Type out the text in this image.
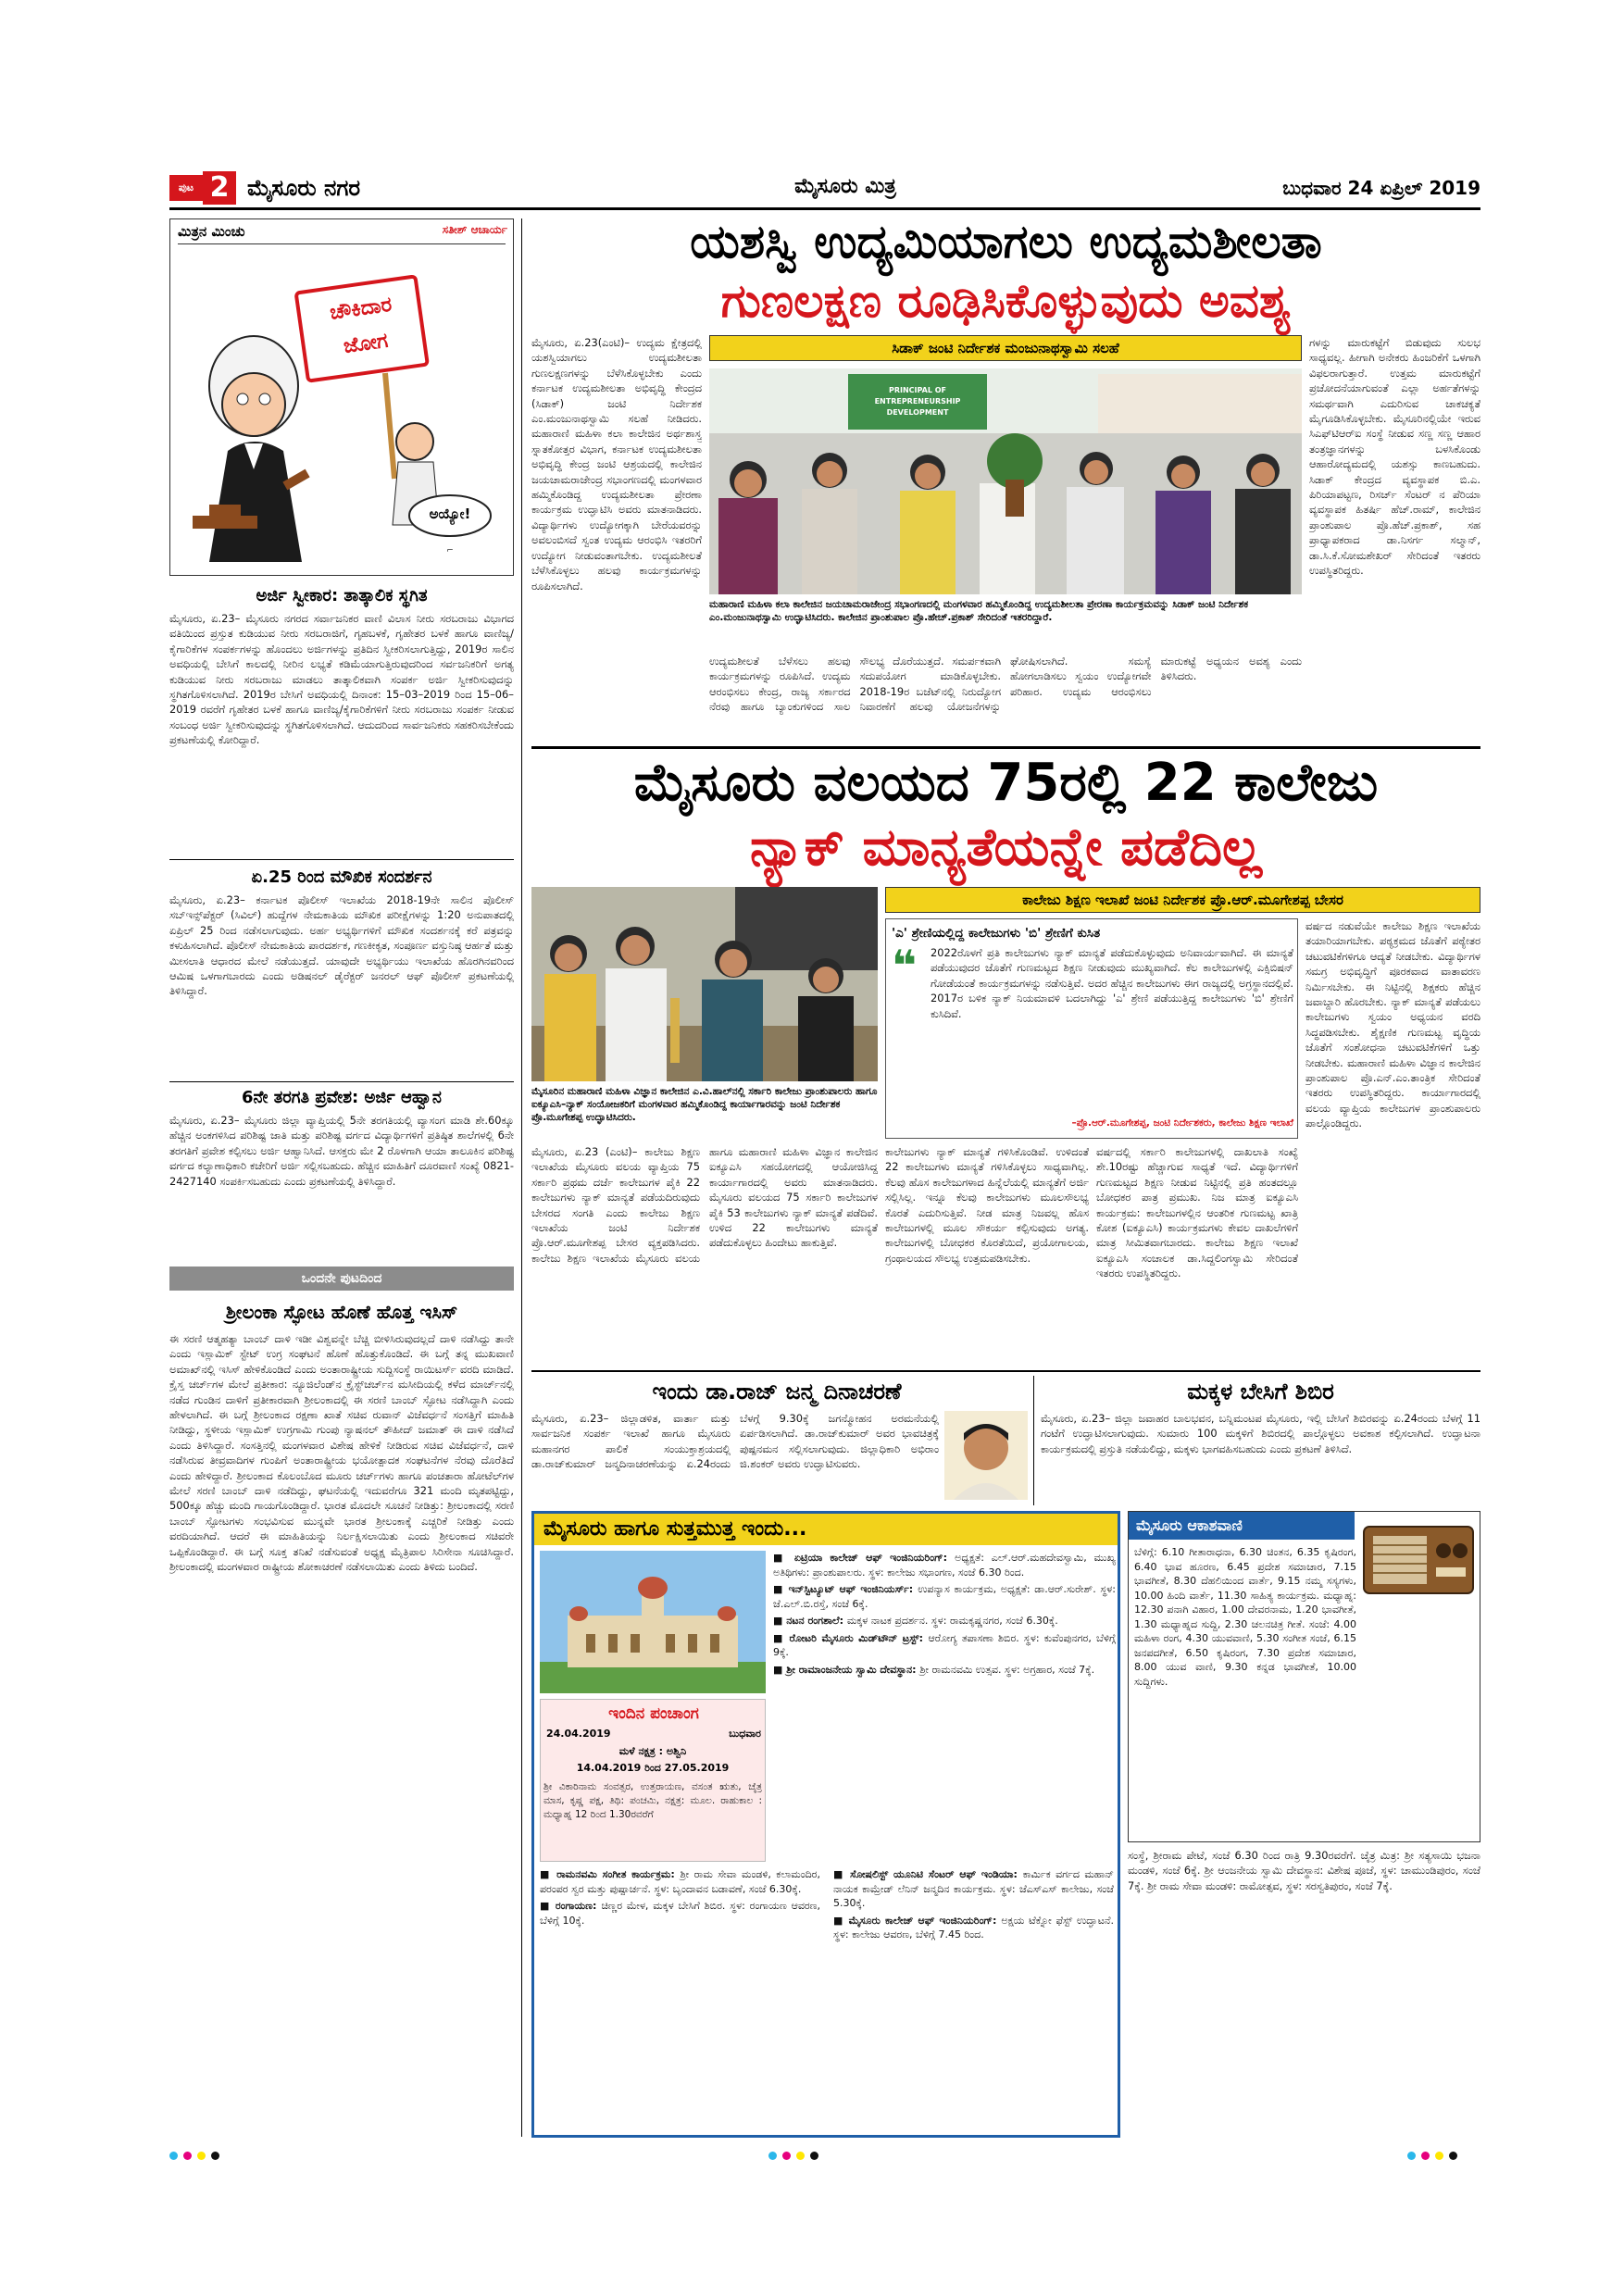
ಪುಟ 2 ಮೈಸೂರು ನಗರ	ಮೈಸೂರು ಮಿತ್ರ	ಬುಧವಾರ 24 ಏಪ್ರಿಲ್ 2019
ಮಿತ್ರನ ಮಿಂಚು	ಸತೀಶ್ ಆಚಾರ್ಯ
⌐
ಚೌಕಿದಾರ ಜೋಗ
ಅಯ್ಯೋ!
ಅರ್ಜಿ ಸ್ವೀಕಾರ: ತಾತ್ಕಾಲಿಕ ಸ್ಥಗಿತ
ಮೈಸೂರು, ಏ.23– ಮೈಸೂರು ನಗರದ ಸರ್ವಾಜನಿಕರ ವಾಣಿ ವಿಲಾಸ ನೀರು ಸರಬರಾಜು ವಿಭಾಗದ ವತಿಯಿಂದ ಪ್ರಸ್ತುತ ಕುಡಿಯುವ ನೀರು ಸರಬರಾಜಿಗೆ, ಗೃಹಬಳಕೆ, ಗೃಹೇತರ ಬಳಕೆ ಹಾಗೂ ವಾಣಿಜ್ಯ/ಕೈಗಾರಿಕೆಗಳ ಸಂಪರ್ಕಗಳನ್ನು ಹೊಂದಲು ಅರ್ಜಿಗಳನ್ನು ಪ್ರತಿದಿನ ಸ್ವೀಕರಿಸಲಾಗುತ್ತಿದ್ದು, 2019ರ ಸಾಲಿನ ಅವಧಿಯಲ್ಲಿ ಬೇಸಿಗೆ ಕಾಲದಲ್ಲಿ ನೀರಿನ ಲಭ್ಯತೆ ಕಡಿಮೆಯಾಗುತ್ತಿರುವುದರಿಂದ ಸರ್ವಜನಿಕರಿಗೆ ಅಗತ್ಯ ಕುಡಿಯುವ ನೀರು ಸರಬರಾಜು ಮಾಡಲು ತಾತ್ಕಾಲಿಕವಾಗಿ ಸಂಪರ್ಕ ಅರ್ಜಿ ಸ್ವೀಕರಿಸುವುದನ್ನು ಸ್ಥಗಿತಗೊಳಿಸಲಾಗಿದೆ. 2019ರ ಬೇಸಿಗೆ ಅವಧಿಯಲ್ಲಿ ದಿನಾಂಕ: 15–03–2019 ರಿಂದ 15–06–2019 ರವರೆಗೆ ಗೃಹೇತರ ಬಳಕೆ ಹಾಗೂ ವಾಣಿಜ್ಯ/ಕೈಗಾರಿಕೆಗಳಿಗೆ ನೀರು ಸರಬರಾಜು ಸಂಪರ್ಕ ನೀಡುವ ಸಂಬಂಧ ಅರ್ಜಿ ಸ್ವೀಕರಿಸುವುದನ್ನು ಸ್ಥಗಿತಗೊಳಿಸಲಾಗಿದೆ. ಆದುದರಿಂದ ಸಾರ್ವಜನಿಕರು ಸಹಕರಿಸಬೇಕೆಂದು ಪ್ರಕಟಣೆಯಲ್ಲಿ ಕೋರಿದ್ದಾರೆ.
ಏ.25 ರಿಂದ ಮೌಖಿಕ ಸಂದರ್ಶನ
ಮೈಸೂರು, ಏ.23– ಕರ್ನಾಟಕ ಪೊಲೀಸ್ ಇಲಾಖೆಯ 2018-19ನೇ ಸಾಲಿನ ಪೊಲೀಸ್ ಸಬ್‌ಇನ್ಸ್‌ಪೆಕ್ಟರ್ (ಸಿವಿಲ್) ಹುದ್ದೆಗಳ ನೇಮಕಾತಿಯ ಮೌಖಿಕ ಪರೀಕ್ಷೆಗಳನ್ನು 1:20 ಅನುಪಾತದಲ್ಲಿ ಏಪ್ರಿಲ್ 25 ರಿಂದ ನಡೆಸಲಾಗುವುದು. ಅರ್ಹ ಅಭ್ಯರ್ಥಿಗಳಿಗೆ ಮೌಖಿಕ ಸಂದರ್ಶನಕ್ಕೆ ಕರೆ ಪತ್ರವನ್ನು ಕಳುಹಿಸಲಾಗಿದೆ. ಪೊಲೀಸ್ ನೇಮಕಾತಿಯ ಪಾರದರ್ಶಕ, ಗಣಕೀಕೃತ, ಸಂಪೂರ್ಣ ವಸ್ತುನಿಷ್ಠ ಆರ್ಹತೆ ಮತ್ತು ಮೀಸಲಾತಿ ಆಧಾರದ ಮೇಲೆ ನಡೆಯುತ್ತದೆ. ಯಾವುದೇ ಅಭ್ಯರ್ಥಿಯು ಇಲಾಖೆಯ ಹೊರಗಿನವರಿಂದ ಆಮಿಷ ಒಳಗಾಗಬಾರದು ಎಂದು ಅಡಿಷನಲ್ ಡೈರೆಕ್ಟರ್ ಜನರಲ್ ಆಫ್ ಪೊಲೀಸ್ ಪ್ರಕಟಣೆಯಲ್ಲಿ ತಿಳಿಸಿದ್ದಾರೆ.
6ನೇ ತರಗತಿ ಪ್ರವೇಶ: ಅರ್ಜಿ ಆಹ್ವಾನ
ಮೈಸೂರು, ಏ.23– ಮೈಸೂರು ಜಿಲ್ಲಾ ವ್ಯಾಪ್ತಿಯಲ್ಲಿ 5ನೇ ತರಗತಿಯಲ್ಲಿ ವ್ಯಾಸಂಗ ಮಾಡಿ ಶೇ.60ಕ್ಕೂ ಹೆಚ್ಚಿನ ಅಂಕಗಳಿಸಿದ ಪರಿಶಿಷ್ಟ ಜಾತಿ ಮತ್ತು ಪರಿಶಿಷ್ಟ ವರ್ಗದ ವಿದ್ಯಾರ್ಥಿಗಳಿಗೆ ಪ್ರತಿಷ್ಠಿತ ಶಾಲೆಗಳಲ್ಲಿ 6ನೇ ತರಗತಿಗೆ ಪ್ರವೇಶ ಕಲ್ಪಿಸಲು ಅರ್ಜಿ ಆಹ್ವಾನಿಸಿದೆ. ಆಸಕ್ತರು ಮೇ 2 ರೊಳಗಾಗಿ ಆಯಾ ತಾಲೂಕಿನ ಪರಿಶಿಷ್ಟ ವರ್ಗದ ಕಲ್ಯಾಣಾಧಿಕಾರಿ ಕಚೇರಿಗೆ ಅರ್ಜಿ ಸಲ್ಲಿಸಬಹುದು. ಹೆಚ್ಚಿನ ಮಾಹಿತಿಗೆ ದೂರವಾಣಿ ಸಂಖ್ಯೆ 0821-2427140 ಸಂಪರ್ಕಿಸಬಹುದು ಎಂದು ಪ್ರಕಟಣೆಯಲ್ಲಿ ತಿಳಿಸಿದ್ದಾರೆ.
ಒಂದನೇ ಪುಟದಿಂದ
ಶ್ರೀಲಂಕಾ ಸ್ಫೋಟ ಹೊಣೆ ಹೊತ್ತ ಇಸಿಸ್
ಈ ಸರಣಿ ಆತ್ಮಹತ್ಯಾ ಬಾಂಬ್ ದಾಳಿ ಇಡೀ ವಿಶ್ವವನ್ನೇ ಬೆಚ್ಚಿ ಬೀಳಿಸಿರುವುದಲ್ಲದೆ ದಾಳಿ ನಡೆಸಿದ್ದು ತಾನೇ ಎಂದು ಇಸ್ಲಾಮಿಕ್ ಸ್ಟೇಟ್ ಉಗ್ರ ಸಂಘಟನೆ ಹೊಣೆ ಹೊತ್ತುಕೊಂಡಿದೆ. ಈ ಬಗ್ಗೆ ತನ್ನ ಮುಖವಾಣಿ ಅಮಾಖ್‌ನಲ್ಲಿ ಇಸಿಸ್ ಹೇಳಿಕೊಂಡಿದೆ ಎಂದು ಅಂತಾರಾಷ್ಟ್ರೀಯ ಸುದ್ದಿಸಂಸ್ಥೆ ರಾಯಿಟರ್ಸ್ ವರದಿ ಮಾಡಿದೆ. ಕ್ರೈಸ್ತ ಚರ್ಚ್‌ಗಳ ಮೇಲೆ ಪ್ರತೀಕಾರ: ನ್ಯೂಜಿಲೆಂಡ್‌ನ ಕ್ರೈಸ್ಟ್‌ಚರ್ಚ್‌ನ ಮಸೀದಿಯಲ್ಲಿ ಕಳೆದ ಮಾರ್ಚ್‌ನಲ್ಲಿ ನಡೆದ ಗುಂಡಿನ ದಾಳಿಗೆ ಪ್ರತೀಕಾರವಾಗಿ ಶ್ರೀಲಂಕಾದಲ್ಲಿ ಈ ಸರಣಿ ಬಾಂಬ್ ಸ್ಫೋಟ ನಡೆಸಿದ್ದಾಗಿ ಎಂದು ಹೇಳಲಾಗಿದೆ. ಈ ಬಗ್ಗೆ ಶ್ರೀಲಂಕಾದ ರಕ್ಷಣಾ ಖಾತೆ ಸಚಿವ ರುವಾನ್ ವಿಜೆವರ್ಧನೆ ಸಂಸತ್ತಿಗೆ ಮಾಹಿತಿ ನೀಡಿದ್ದು, ಸ್ಥಳೀಯ ಇಸ್ಲಾಮಿಕ್ ಉಗ್ರಗಾಮಿ ಗುಂಪು ನ್ಯಾಷನಲ್ ತೌಹೀದ್ ಜಮಾತ್ ಈ ದಾಳಿ ನಡೆಸಿದೆ ಎಂದು ತಿಳಿಸಿದ್ದಾರೆ. ಸಂಸತ್ತಿನಲ್ಲಿ ಮಂಗಳವಾರ ವಿಶೇಷ ಹೇಳಿಕೆ ನೀಡಿರುವ ಸಚಿವ ವಿಜೆವರ್ಧನೆ, ದಾಳಿ ನಡೆಸಿರುವ ತೀವ್ರವಾದಿಗಳ ಗುಂಪಿಗೆ ಅಂತಾರಾಷ್ಟ್ರೀಯ ಭಯೋತ್ಪಾದಕ ಸಂಘಟನೆಗಳ ನೆರವು ದೊರೆತಿದೆ ಎಂದು ಹೇಳಿದ್ದಾರೆ. ಶ್ರೀಲಂಕಾದ ಕೊಲಂಬೊದ ಮೂರು ಚರ್ಚ್‌ಗಳು ಹಾಗೂ ಪಂಚತಾರಾ ಹೋಟೆಲ್‌ಗಳ ಮೇಲೆ ಸರಣಿ ಬಾಂಬ್ ದಾಳಿ ನಡೆದಿದ್ದು, ಘಟನೆಯಲ್ಲಿ ಇದುವರೆಗೂ 321 ಮಂದಿ ಮೃತಪಟ್ಟಿದ್ದು, 500ಕ್ಕೂ ಹೆಚ್ಚು ಮಂದಿ ಗಾಯಗೊಂಡಿದ್ದಾರೆ. ಭಾರತ ಮೊದಲೇ ಸೂಚನೆ ನೀಡಿತ್ತು: ಶ್ರೀಲಂಕಾದಲ್ಲಿ ಸರಣಿ ಬಾಂಬ್ ಸ್ಫೋಟಗಳು ಸಂಭವಿಸುವ ಮುನ್ನವೇ ಭಾರತ ಶ್ರೀಲಂಕಾಕ್ಕೆ ಎಚ್ಚರಿಕೆ ನೀಡಿತ್ತು ಎಂದು ವರದಿಯಾಗಿದೆ. ಆದರೆ ಈ ಮಾಹಿತಿಯನ್ನು ನಿರ್ಲಕ್ಷಿಸಲಾಯಿತು ಎಂದು ಶ್ರೀಲಂಕಾದ ಸಚಿವರೇ ಒಪ್ಪಿಕೊಂಡಿದ್ದಾರೆ. ಈ ಬಗ್ಗೆ ಸೂಕ್ತ ತನಿಖೆ ನಡೆಸುವಂತೆ ಅಧ್ಯಕ್ಷ ಮೈತ್ರಿಪಾಲ ಸಿರಿಸೇನಾ ಸೂಚಿಸಿದ್ದಾರೆ. ಶ್ರೀಲಂಕಾದಲ್ಲಿ ಮಂಗಳವಾರ ರಾಷ್ಟ್ರೀಯ ಶೋಕಾಚರಣೆ ನಡೆಸಲಾಯಿತು ಎಂದು ತಿಳಿದು ಬಂದಿದೆ.
ಯಶಸ್ವಿ ಉದ್ಯಮಿಯಾಗಲು ಉದ್ಯಮಶೀಲತಾ
ಗುಣಲಕ್ಷಣ ರೂಢಿಸಿಕೊಳ್ಳುವುದು ಅವಶ್ಯ
ಮೈಸೂರು, ಏ.23(ಎಂಟಿ)– ಉದ್ಯಮ ಕ್ಷೇತ್ರದಲ್ಲಿ ಯಶಸ್ವಿಯಾಗಲು ಉದ್ಯಮಶೀಲತಾ ಗುಣಲಕ್ಷಣಗಳನ್ನು ಬೆಳೆಸಿಕೊಳ್ಳಬೇಕು ಎಂದು ಕರ್ನಾಟಕ ಉದ್ಯಮಶೀಲತಾ ಅಭಿವೃದ್ಧಿ ಕೇಂದ್ರದ (ಸಿಡಾಕ್) ಜಂಟಿ ನಿರ್ದೇಶಕ ಎಂ.ಮಂಜುನಾಥಸ್ವಾಮಿ ಸಲಹೆ ನೀಡಿದರು. ಮಹಾರಾಣಿ ಮಹಿಳಾ ಕಲಾ ಕಾಲೇಜಿನ ಅರ್ಥಶಾಸ್ತ್ರ ಸ್ನಾತಕೋತ್ತರ ವಿಭಾಗ, ಕರ್ನಾಟಕ ಉದ್ಯಮಶೀಲತಾ ಅಭಿವೃದ್ಧಿ ಕೇಂದ್ರ ಜಂಟಿ ಆಶ್ರಯದಲ್ಲಿ ಕಾಲೇಜಿನ ಜಯಚಾಮರಾಜೇಂದ್ರ ಸಭಾಂಗಣದಲ್ಲಿ ಮಂಗಳವಾರ ಹಮ್ಮಿಕೊಂಡಿದ್ದ ಉದ್ಯಮಶೀಲತಾ ಪ್ರೇರಣಾ ಕಾರ್ಯಕ್ರಮ ಉದ್ಘಾಟಿಸಿ ಅವರು ಮಾತನಾಡಿದರು. ವಿದ್ಯಾರ್ಥಿಗಳು ಉದ್ಯೋಗಕ್ಕಾಗಿ ಬೇರೆಯವರನ್ನು ಅವಲಂಬಿಸದೆ ಸ್ವಂತ ಉದ್ಯಮ ಆರಂಭಿಸಿ ಇತರರಿಗೆ ಉದ್ಯೋಗ ನೀಡುವಂತಾಗಬೇಕು. ಉದ್ಯಮಶೀಲತೆ ಬೆಳೆಸಿಕೊಳ್ಳಲು ಹಲವು ಕಾರ್ಯಕ್ರಮಗಳನ್ನು ರೂಪಿಸಲಾಗಿದೆ.
ಸಿಡಾಕ್ ಜಂಟಿ ನಿರ್ದೇಶಕ ಮಂಜುನಾಥಸ್ವಾಮಿ ಸಲಹೆ
PRINCIPAL OF ENTREPRENEURSHIP DEVELOPMENT
ಮಹಾರಾಣಿ ಮಹಿಳಾ ಕಲಾ ಕಾಲೇಜಿನ ಜಯಚಾಮರಾಜೇಂದ್ರ ಸಭಾಂಗಣದಲ್ಲಿ ಮಂಗಳವಾರ ಹಮ್ಮಿಕೊಂಡಿದ್ದ ಉದ್ಯಮಶೀಲತಾ ಪ್ರೇರಣಾ ಕಾರ್ಯಕ್ರಮವನ್ನು ಸಿಡಾಕ್ ಜಂಟಿ ನಿರ್ದೇಶಕ ಎಂ.ಮಂಜುನಾಥಸ್ವಾಮಿ ಉದ್ಘಾಟಿಸಿದರು. ಕಾಲೇಜಿನ ಪ್ರಾಂಶುಪಾಲ ಪ್ರೊ.ಹೇಚ್.ಪ್ರಕಾಶ್ ಸೇರಿದಂತೆ ಇತರರಿದ್ದಾರೆ.
ಉದ್ಯಮಶೀಲತೆ ಬೆಳೆಸಲು ಹಲವು ಕಾರ್ಯಕ್ರಮಗಳನ್ನು ರೂಪಿಸಿದೆ. ಉದ್ಯಮ ಆರಂಭಿಸಲು ಕೇಂದ್ರ, ರಾಜ್ಯ ಸರ್ಕಾರದ ನೆರವು ಹಾಗೂ ಬ್ಯಾಂಕುಗಳಿಂದ ಸಾಲ ಸೌಲಭ್ಯ ದೊರೆಯುತ್ತದೆ. ಸಮರ್ಪಕವಾಗಿ ಸದುಪಯೋಗ ಮಾಡಿಕೊಳ್ಳಬೇಕು. 2018-19ರ ಬಜೆಟ್‌ನಲ್ಲಿ ನಿರುದ್ಯೋಗ ನಿವಾರಣೆಗೆ ಹಲವು ಯೋಜನೆಗಳನ್ನು ಘೋಷಿಸಲಾಗಿದೆ. ಸಮಸ್ಯೆ ಹೋಗಲಾಡಿಸಲು ಸ್ವಯಂ ಉದ್ಯೋಗವೇ ಪರಿಹಾರ. ಉದ್ಯಮ ಆರಂಭಿಸಲು ಮಾರುಕಟ್ಟೆ ಅಧ್ಯಯನ ಅವಶ್ಯ ಎಂದು ತಿಳಿಸಿದರು.
ಗಳನ್ನು ಮಾರುಕಟ್ಟೆಗೆ ಬಿಡುವುದು ಸುಲಭ ಸಾಧ್ಯವಲ್ಲ. ಹೀಗಾಗಿ ಅನೇಕರು ಹಿಂಜರಿಕೆಗೆ ಒಳಗಾಗಿ ವಿಫಲರಾಗುತ್ತಾರೆ. ಉತ್ತಮ ಮಾರುಕಟ್ಟೆಗೆ ಪ್ರಚೋದನೆಯಾಗುವಂತೆ ಎಲ್ಲಾ ಅರ್ಹತೆಗಳನ್ನು ಸಮರ್ಥವಾಗಿ ಎದುರಿಸುವ ಚಾಕಚಕ್ಯತೆ ಮೈಗೂಡಿಸಿಕೊಳ್ಳಬೇಕು. ಮೈಸೂರಿನಲ್ಲಿಯೇ ಇರುವ ಸಿಎಫ್‌ಟಿಆರ್‌ಐ ಸಂಸ್ಥೆ ನೀಡುವ ಸಣ್ಣ ಸಣ್ಣ ಆಹಾರ ತಂತ್ರಜ್ಞಾನಗಳನ್ನು ಬಳಸಿಕೊಂಡು ಆಹಾರೋದ್ಯಮದಲ್ಲಿ ಯಶಸ್ಸು ಕಾಣಬಹುದು. ಸಿಡಾಕ್ ಕೇಂದ್ರದ ವ್ಯವಸ್ಥಾಪಕ ಬಿ.ಎ. ಪಿರಿಯಾಪಟ್ಟಣ, ರಿಸರ್ಚ್ ಸೆಂಟರ್ ನ ಪೆರಿಯಾ ವ್ಯವಸ್ಥಾಪಕ ಹಿತರ್ಷಿ ಹೆಚ್.ರಾಮ್, ಕಾಲೇಜಿನ ಪ್ರಾಂಶುಪಾಲ ಪ್ರೊ.ಹೆಚ್.ಪ್ರಕಾಶ್, ಸಹ ಪ್ರಾಧ್ಯಾಪಕರಾದ ಡಾ.ನಿಸರ್ಗ ಸಲ್ಮಾನ್, ಡಾ.ಸಿ.ಕೆ.ಸೋಮಶೇಖರ್ ಸೇರಿದಂತೆ ಇತರರು ಉಪಸ್ಥಿತರಿದ್ದರು.
ಮೈಸೂರು ವಲಯದ 75ರಲ್ಲಿ 22 ಕಾಲೇಜು
ನ್ಯಾಕ್ ಮಾನ್ಯತೆಯನ್ನೇ ಪಡೆದಿಲ್ಲ
ಮೈಸೂರಿನ ಮಹಾರಾಣಿ ಮಹಿಳಾ ವಿಜ್ಞಾನ ಕಾಲೇಜಿನ ಎ.ವಿ.ಹಾಲ್‌ನಲ್ಲಿ ಸರ್ಕಾರಿ ಕಾಲೇಜು ಪ್ರಾಂಶುಪಾಲರು ಹಾಗೂ ಐಕ್ಯೂಎಸಿ–ನ್ಯಾಕ್ ಸಂಯೋಜಕರಿಗೆ ಮಂಗಳವಾರ ಹಮ್ಮಿಕೊಂಡಿದ್ದ ಕಾರ್ಯಾಗಾರವನ್ನು ಜಂಟಿ ನಿರ್ದೇಶಕ ಪ್ರೊ.ಮೂಗೇಶಪ್ಪ ಉದ್ಘಾಟಿಸಿದರು.
ಕಾಲೇಜು ಶಿಕ್ಷಣ ಇಲಾಖೆ ಜಂಟಿ ನಿರ್ದೇಶಕ ಪ್ರೊ.ಆರ್.ಮೂಗೇಶಪ್ಪ ಬೇಸರ
'ಎ' ಶ್ರೇಣಿಯಲ್ಲಿದ್ದ ಕಾಲೇಜುಗಳು 'ಬಿ' ಶ್ರೇಣಿಗೆ ಕುಸಿತ
❝	2022ರೊಳಗೆ ಪ್ರತಿ ಕಾಲೇಜುಗಳು ನ್ಯಾಕ್ ಮಾನ್ಯತೆ ಪಡೆದುಕೊಳ್ಳುವುದು ಅನಿವಾರ್ಯವಾಗಿದೆ. ಈ ಮಾನ್ಯತೆ ಪಡೆಯುವುದರ ಜೊತೆಗೆ ಗುಣಮಟ್ಟದ ಶಿಕ್ಷಣ ನೀಡುವುದು ಮುಖ್ಯವಾಗಿದೆ. ಕೆಲ ಕಾಲೇಜುಗಳಲ್ಲಿ ಎಕ್ಸಿಬಿಷನ್ ಗೋಡೆಯಂತೆ ಕಾರ್ಯಕ್ರಮಗಳನ್ನು ನಡೆಸುತ್ತಿವೆ. ಅದರ ಹೆಚ್ಚಿನ ಕಾಲೇಜುಗಳು ಈಗ ರಾಜ್ಯದಲ್ಲಿ ಅಗ್ರಸ್ಥಾನದಲ್ಲಿವೆ. 2017ರ ಬಳಿಕ ನ್ಯಾಕ್ ನಿಯಮಾವಳಿ ಬದಲಾಗಿದ್ದು 'ಎ' ಶ್ರೇಣಿ ಪಡೆಯುತ್ತಿದ್ದ ಕಾಲೇಜುಗಳು 'ಬಿ' ಶ್ರೇಣಿಗೆ ಕುಸಿದಿವೆ.
–ಪ್ರೊ.ಆರ್.ಮೂಗೇಶಪ್ಪ, ಜಂಟಿ ನಿರ್ದೇಶಕರು, ಕಾಲೇಜು ಶಿಕ್ಷಣ ಇಲಾಖೆ
ವರ್ಷದ ನಡುವೆಯೇ ಕಾಲೇಜು ಶಿಕ್ಷಣ ಇಲಾಖೆಯ ತಯಾರಿಯಾಗಬೇಕು. ಪಠ್ಯಕ್ರಮದ ಜೊತೆಗೆ ಪಠ್ಯೇತರ ಚಟುವಟಿಕೆಗಳಿಗೂ ಆದ್ಯತೆ ನೀಡಬೇಕು. ವಿದ್ಯಾರ್ಥಿಗಳ ಸಮಗ್ರ ಅಭಿವೃದ್ಧಿಗೆ ಪೂರಕವಾದ ವಾತಾವರಣ ನಿರ್ಮಿಸಬೇಕು. ಈ ನಿಟ್ಟಿನಲ್ಲಿ ಶಿಕ್ಷಕರು ಹೆಚ್ಚಿನ ಜವಾಬ್ದಾರಿ ಹೊರಬೇಕು. ನ್ಯಾಕ್ ಮಾನ್ಯತೆ ಪಡೆಯಲು ಕಾಲೇಜುಗಳು ಸ್ವಯಂ ಅಧ್ಯಯನ ವರದಿ ಸಿದ್ಧಪಡಿಸಬೇಕು. ಶೈಕ್ಷಣಿಕ ಗುಣಮಟ್ಟ ವೃದ್ಧಿಯ ಜೊತೆಗೆ ಸಂಶೋಧನಾ ಚಟುವಟಿಕೆಗಳಿಗೆ ಒತ್ತು ನೀಡಬೇಕು. ಮಹಾರಾಣಿ ಮಹಿಳಾ ವಿಜ್ಞಾನ ಕಾಲೇಜಿನ ಪ್ರಾಂಶುಪಾಲ ಪ್ರೊ.ಎನ್.ಎಂ.ತಾಂತ್ರಿಕ ಸೇರಿದಂತೆ ಇತರರು ಉಪಸ್ಥಿತರಿದ್ದರು. ಕಾರ್ಯಾಗಾರದಲ್ಲಿ ವಲಯ ವ್ಯಾಪ್ತಿಯ ಕಾಲೇಜುಗಳ ಪ್ರಾಂಶುಪಾಲರು ಪಾಲ್ಗೊಂಡಿದ್ದರು.
ಮೈಸೂರು, ಏ.23 (ಎಂಟಿ)– ಕಾಲೇಜು ಶಿಕ್ಷಣ ಇಲಾಖೆಯ ಮೈಸೂರು ವಲಯ ವ್ಯಾಪ್ತಿಯ 75 ಸರ್ಕಾರಿ ಪ್ರಥಮ ದರ್ಜೆ ಕಾಲೇಜುಗಳ ಪೈಕಿ 22 ಕಾಲೇಜುಗಳು ನ್ಯಾಕ್ ಮಾನ್ಯತೆ ಪಡೆಯದಿರುವುದು ಬೇಸರದ ಸಂಗತಿ ಎಂದು ಕಾಲೇಜು ಶಿಕ್ಷಣ ಇಲಾಖೆಯ ಜಂಟಿ ನಿರ್ದೇಶಕ ಪ್ರೊ.ಆರ್.ಮೂಗೇಶಪ್ಪ ಬೇಸರ ವ್ಯಕ್ತಪಡಿಸಿದರು. ಕಾಲೇಜು ಶಿಕ್ಷಣ ಇಲಾಖೆಯ ಮೈಸೂರು ವಲಯ ಹಾಗೂ ಮಹಾರಾಣಿ ಮಹಿಳಾ ವಿಜ್ಞಾನ ಕಾಲೇಜಿನ ಐಕ್ಯೂಎಸಿ ಸಹಯೋಗದಲ್ಲಿ ಆಯೋಜಿಸಿದ್ದ ಕಾರ್ಯಾಗಾರದಲ್ಲಿ ಅವರು ಮಾತನಾಡಿದರು. ಮೈಸೂರು ವಲಯದ 75 ಸರ್ಕಾರಿ ಕಾಲೇಜುಗಳ ಪೈಕಿ 53 ಕಾಲೇಜುಗಳು ನ್ಯಾಕ್ ಮಾನ್ಯತೆ ಪಡೆದಿವೆ. ಉಳಿದ 22 ಕಾಲೇಜುಗಳು ಮಾನ್ಯತೆ ಪಡೆದುಕೊಳ್ಳಲು ಹಿಂದೇಟು ಹಾಕುತ್ತಿವೆ.
ಕಾಲೇಜುಗಳು ನ್ಯಾಕ್ ಮಾನ್ಯತೆ ಗಳಿಸಿಕೊಂಡಿವೆ. ಉಳಿದಂತೆ 22 ಕಾಲೇಜುಗಳು ಮಾನ್ಯತೆ ಗಳಿಸಿಕೊಳ್ಳಲು ಸಾಧ್ಯವಾಗಿಲ್ಲ. ಕೆಲವು ಹೊಸ ಕಾಲೇಜುಗಳಾದ ಹಿನ್ನೆಲೆಯಲ್ಲಿ ಮಾನ್ಯತೆಗೆ ಅರ್ಜಿ ಸಲ್ಲಿಸಿಲ್ಲ. ಇನ್ನೂ ಕೆಲವು ಕಾಲೇಜುಗಳು ಮೂಲಸೌಲಭ್ಯ ಕೊರತೆ ಎದುರಿಸುತ್ತಿವೆ. ನೀಡ ಮಾತ್ರ ನಿಜವಲ್ಲ ಹೊಸ ಕಾಲೇಜುಗಳಲ್ಲಿ ಮೂಲ ಸೌಕರ್ಯ ಕಲ್ಪಿಸುವುದು ಅಗತ್ಯ. ಕಾಲೇಜುಗಳಲ್ಲಿ ಬೋಧಕರ ಕೊರತೆಯಿದೆ, ಪ್ರಯೋಗಾಲಯ, ಗ್ರಂಥಾಲಯದ ಸೌಲಭ್ಯ ಉತ್ತಮಪಡಿಸಬೇಕು.
ವರ್ಷದಲ್ಲಿ ಸರ್ಕಾರಿ ಕಾಲೇಜುಗಳಲ್ಲಿ ದಾಖಲಾತಿ ಸಂಖ್ಯೆ ಶೇ.10ರಷ್ಟು ಹೆಚ್ಚಾಗುವ ಸಾಧ್ಯತೆ ಇದೆ. ವಿದ್ಯಾರ್ಥಿಗಳಿಗೆ ಗುಣಮಟ್ಟದ ಶಿಕ್ಷಣ ನೀಡುವ ನಿಟ್ಟಿನಲ್ಲಿ ಪ್ರತಿ ಹಂತದಲ್ಲೂ ಬೋಧಕರ ಪಾತ್ರ ಪ್ರಮುಖ. ನಿಜ ಮಾತ್ರ ಐಕ್ಯೂಎಸಿ ಕಾರ್ಯಕ್ರಮ: ಕಾಲೇಜುಗಳಲ್ಲಿನ ಆಂತರಿಕ ಗುಣಮಟ್ಟ ಖಾತ್ರಿ ಕೋಶ (ಐಕ್ಯೂಎಸಿ) ಕಾರ್ಯಕ್ರಮಗಳು ಕೇವಲ ದಾಖಲೆಗಳಿಗೆ ಮಾತ್ರ ಸೀಮಿತವಾಗಬಾರದು. ಕಾಲೇಜು ಶಿಕ್ಷಣ ಇಲಾಖೆ ಐಕ್ಯೂಎಸಿ ಸಂಚಾಲಕ ಡಾ.ಸಿದ್ದಲಿಂಗಸ್ವಾಮಿ ಸೇರಿದಂತೆ ಇತರರು ಉಪಸ್ಥಿತರಿದ್ದರು.
ಇಂದು ಡಾ.ರಾಜ್ ಜನ್ಮ ದಿನಾಚರಣೆ
ಮೈಸೂರು, ಏ.23– ಜಿಲ್ಲಾಡಳಿತ, ವಾರ್ತಾ ಮತ್ತು ಸಾರ್ವಜನಿಕ ಸಂಪರ್ಕ ಇಲಾಖೆ ಹಾಗೂ ಮೈಸೂರು ಮಹಾನಗರ ಪಾಲಿಕೆ ಸಂಯುಕ್ತಾಶ್ರಯದಲ್ಲಿ ಡಾ.ರಾಜ್‌ಕುಮಾರ್ ಜನ್ಮದಿನಾಚರಣೆಯನ್ನು ಏ.24ರಂದು ಬೆಳಗ್ಗೆ 9.30ಕ್ಕೆ ಜಗನ್ಮೋಹನ ಅರಮನೆಯಲ್ಲಿ ಏರ್ಪಡಿಸಲಾಗಿದೆ. ಡಾ.ರಾಜ್‌ಕುಮಾರ್ ಅವರ ಭಾವಚಿತ್ರಕ್ಕೆ ಪುಷ್ಪನಮನ ಸಲ್ಲಿಸಲಾಗುವುದು. ಜಿಲ್ಲಾಧಿಕಾರಿ ಅಭಿರಾಂ ಜಿ.ಶಂಕರ್ ಅವರು ಉದ್ಘಾಟಿಸುವರು.
ಮಕ್ಕಳ ಬೇಸಿಗೆ ಶಿಬಿರ
ಮೈಸೂರು, ಏ.23– ಜಿಲ್ಲಾ ಜವಾಹರ ಬಾಲಭವನ, ಬನ್ನಿಮಂಟಪ ಮೈಸೂರು, ಇಲ್ಲಿ ಬೇಸಿಗೆ ಶಿಬಿರವನ್ನು ಏ.24ರಂದು ಬೆಳಗ್ಗೆ 11 ಗಂಟೆಗೆ ಉದ್ಘಾಟಿಸಲಾಗುವುದು. ಸುಮಾರು 100 ಮಕ್ಕಳಿಗೆ ಶಿಬಿರದಲ್ಲಿ ಪಾಲ್ಗೊಳ್ಳಲು ಅವಕಾಶ ಕಲ್ಪಿಸಲಾಗಿದೆ. ಉದ್ಘಾಟನಾ ಕಾರ್ಯಕ್ರಮದಲ್ಲಿ ಪ್ರಸ್ತುತಿ ನಡೆಯಲಿದ್ದು, ಮಕ್ಕಳು ಭಾಗವಹಿಸಬಹುದು ಎಂದು ಪ್ರಕಟಣೆ ತಿಳಿಸಿದೆ.
ಮೈಸೂರು ಹಾಗೂ ಸುತ್ತಮುತ್ತ ಇಂದು...
ಇಂದಿನ ಪಂಚಾಂಗ
24.04.2019	ಬುಧವಾರ
■ ಏಟ್ರಿಯಾ ಕಾಲೇಜ್ ಆಫ್ ಇಂಜಿನಿಯರಿಂಗ್: ಅಧ್ಯಕ್ಷತೆ: ಎಲ್.ಆರ್.ಮಹದೇವಸ್ವಾಮಿ, ಮುಖ್ಯ ಅತಿಥಿಗಳು: ಪ್ರಾಂಶುಪಾಲರು. ಸ್ಥಳ: ಕಾಲೇಜು ಸಭಾಂಗಣ, ಸಂಜೆ 6.30 ರಿಂದ.
■ ಇನ್‌ಸ್ಟಿಟ್ಯೂಟ್ ಆಫ್ ಇಂಜಿನಿಯರ್ಸ್: ಉಪನ್ಯಾಸ ಕಾರ್ಯಕ್ರಮ, ಅಧ್ಯಕ್ಷತೆ: ಡಾ.ಆರ್.ಸುರೇಶ್. ಸ್ಥಳ: ಜೆ.ಎಲ್.ಬಿ.ರಸ್ತೆ, ಸಂಜೆ 6ಕ್ಕೆ.
■ ನಟನ ರಂಗಶಾಲೆ: ಮಕ್ಕಳ ನಾಟಕ ಪ್ರದರ್ಶನ. ಸ್ಥಳ: ರಾಮಕೃಷ್ಣನಗರ, ಸಂಜೆ 6.30ಕ್ಕೆ.
■ ರೋಟರಿ ಮೈಸೂರು ಮಿಡ್‌ಟೌನ್ ಟ್ರಸ್ಟ್: ಆರೋಗ್ಯ ತಪಾಸಣಾ ಶಿಬಿರ. ಸ್ಥಳ: ಕುವೆಂಪುನಗರ, ಬೆಳಿಗ್ಗೆ 9ಕ್ಕೆ.
■ ಶ್ರೀ ರಾಮಾಂಜನೇಯ ಸ್ವಾಮಿ ದೇವಸ್ಥಾನ: ಶ್ರೀ ರಾಮನವಮಿ ಉತ್ಸವ. ಸ್ಥಳ: ಅಗ್ರಹಾರ, ಸಂಜೆ 7ಕ್ಕೆ.
ಮಳೆ ನಕ್ಷತ್ರ : ಅಶ್ವಿನಿ
14.04.2019 ರಿಂದ 27.05.2019
ಶ್ರೀ ವಿಕಾರಿನಾಮ ಸಂವತ್ಸರ, ಉತ್ತರಾಯಣ, ವಸಂತ ಋತು, ಚೈತ್ರ ಮಾಸ, ಕೃಷ್ಣ ಪಕ್ಷ, ತಿಥಿ: ಪಂಚಮಿ, ನಕ್ಷತ್ರ: ಮೂಲ. ರಾಹುಕಾಲ : ಮಧ್ಯಾಹ್ನ 12 ರಿಂದ 1.30ರವರೆಗೆ
■ ರಾಮನವಮಿ ಸಂಗೀತ ಕಾರ್ಯಕ್ರಮ: ಶ್ರೀ ರಾಮ ಸೇವಾ ಮಂಡಳಿ, ಕಲಾಮಂದಿರ, ಪರಂಪರ ಸ್ವರ ಮತ್ತು ಪುಷ್ಪಾರ್ಚನೆ. ಸ್ಥಳ: ಬೃಂದಾವನ ಬಡಾವಣೆ, ಸಂಜೆ 6.30ಕ್ಕೆ.
■ ರಂಗಾಯಣ: ಚಿಣ್ಣರ ಮೇಳ, ಮಕ್ಕಳ ಬೇಸಿಗೆ ಶಿಬಿರ. ಸ್ಥಳ: ರಂಗಾಯಣ ಆವರಣ, ಬೆಳಿಗ್ಗೆ 10ಕ್ಕೆ.
■ ಸೋಷಲಿಸ್ಟ್ ಯೂನಿಟಿ ಸೆಂಟರ್ ಆಫ್ ಇಂಡಿಯಾ: ಕಾರ್ಮಿಕ ವರ್ಗದ ಮಹಾನ್ ನಾಯಕ ಕಾಮ್ರೇಡ್ ಲೆನಿನ್ ಜನ್ಮದಿನ ಕಾರ್ಯಕ್ರಮ. ಸ್ಥಳ: ಜೆಎಸ್‌ಎಸ್ ಕಾಲೇಜು, ಸಂಜೆ 5.30ಕ್ಕೆ.
■ ಮೈಸೂರು ಕಾಲೇಜ್ ಆಫ್ ಇಂಜಿನಿಯರಿಂಗ್: ಅಕ್ಷಯ ಟೆಕ್ನೋ ಫೆಸ್ಟ್ ಉದ್ಘಾಟನೆ. ಸ್ಥಳ: ಕಾಲೇಜು ಆವರಣ, ಬೆಳಿಗ್ಗೆ 7.45 ರಿಂದ.
ಮೈಸೂರು ಆಕಾಶವಾಣಿ
ಬೆಳಿಗ್ಗೆ: 6.10 ಗೀತಾರಾಧನಾ, 6.30 ಚಿಂತನ, 6.35 ಕೃಷಿರಂಗ, 6.40 ಭಾವ ಹೂರಣ, 6.45 ಪ್ರದೇಶ ಸಮಾಚಾರ, 7.15 ಭಾವಗೀತೆ, 8.30 ದೆಹಲಿಯಿಂದ ವಾರ್ತೆ, 9.15 ನಮ್ಮ ಸಸ್ಯಗಳು, 10.00 ಹಿಂದಿ ವಾರ್ತೆ, 11.30 ಸಾಹಿತ್ಯ ಕಾರ್ಯಕ್ರಮ. ಮಧ್ಯಾಹ್ನ: 12.30 ಪನಾಗಿ ವಿಹಾರ, 1.00 ದೇವರನಾಮ, 1.20 ಭಾವಗೀತೆ, 1.30 ಮಧ್ಯಾಹ್ನದ ಸುದ್ದಿ, 2.30 ಚಲನಚಿತ್ರ ಗೀತೆ. ಸಂಜೆ: 4.00 ಮಹಿಳಾ ರಂಗ, 4.30 ಯುವವಾಣಿ, 5.30 ಸಂಗೀತ ಸಂಜೆ, 6.15 ಜನಪದಗೀತೆ, 6.50 ಕೃಷಿರಂಗ, 7.30 ಪ್ರದೇಶ ಸಮಾಚಾರ, 8.00 ಯುವ ವಾಣಿ, 9.30 ಕನ್ನಡ ಭಾವಗೀತೆ, 10.00 ಸುದ್ದಿಗಳು.
ಸಂಸ್ಥೆ, ಶ್ರೀರಾಮ ಪೇಟೆ, ಸಂಜೆ 6.30 ರಿಂದ ರಾತ್ರಿ 9.30ರವರೆಗೆ. ಚೈತ್ರ ಮಿತ್ರ: ಶ್ರೀ ಸತ್ಯಸಾಯಿ ಭಜನಾ ಮಂಡಳಿ, ಸಂಜೆ 6ಕ್ಕೆ. ಶ್ರೀ ಆಂಜನೇಯ ಸ್ವಾಮಿ ದೇವಸ್ಥಾನ: ವಿಶೇಷ ಪೂಜೆ, ಸ್ಥಳ: ಚಾಮುಂಡಿಪುರಂ, ಸಂಜೆ 7ಕ್ಕೆ. ಶ್ರೀ ರಾಮ ಸೇವಾ ಮಂಡಳಿ: ರಾಮೋತ್ಸವ, ಸ್ಥಳ: ಸರಸ್ವತಿಪುರಂ, ಸಂಜೆ 7ಕ್ಕೆ.
